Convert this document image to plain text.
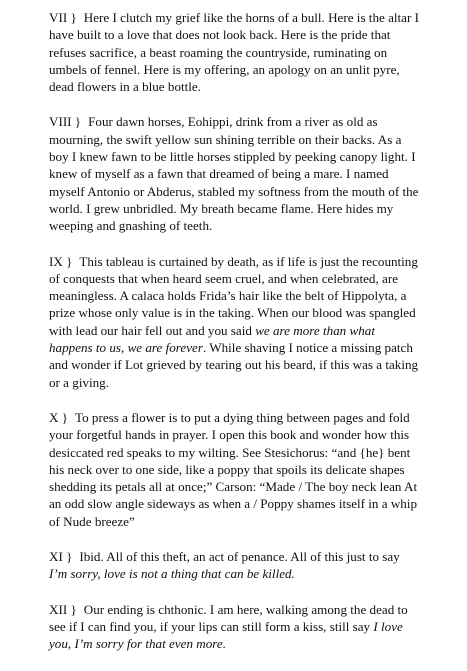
VII } Here I clutch my grief like the horns of a bull. Here is the altar I have built to a love that does not look back. Here is the pride that refuses sacrifice, a beast roaming the countryside, ruminating on umbels of fennel. Here is my offering, an apology on an unlit pyre, dead flowers in a blue bottle.

VIII } Four dawn horses, Eohippi, drink from a river as old as mourning, the swift yellow sun shining terrible on their backs. As a boy I knew fawn to be little horses stippled by peeking canopy light. I knew of myself as a fawn that dreamed of being a mare. I named myself Antonio or Abderus, stabled my softness from the mouth of the world. I grew unbridled. My breath became flame. Here hides my weeping and gnashing of teeth.

IX } This tableau is curtained by death, as if life is just the recounting of conquests that when heard seem cruel, and when celebrated, are meaningless. A calaca holds Frida’s hair like the belt of Hippolyta, a prize whose only value is in the taking. When our blood was spangled with lead our hair fell out and you said we are more than what happens to us, we are forever. While shaving I notice a missing patch and wonder if Lot grieved by tearing out his beard, if this was a taking or a giving.

X } To press a flower is to put a dying thing between pages and fold your forgetful hands in prayer. I open this book and wonder how this desiccated red speaks to my wilting. See Stesichorus: “and {he} bent his neck over to one side, like a poppy that spoils its delicate shapes shedding its petals all at once;” Carson: “Made / The boy neck lean At an odd slow angle sideways as when a / Poppy shames itself in a whip of Nude breeze”

XI } Ibid. All of this theft, an act of penance. All of this just to say I’m sorry, love is not a thing that can be killed.

XII } Our ending is chthonic. I am here, walking among the dead to see if I can find you, if your lips can still form a kiss, still say I love you, I’m sorry for that even more.
